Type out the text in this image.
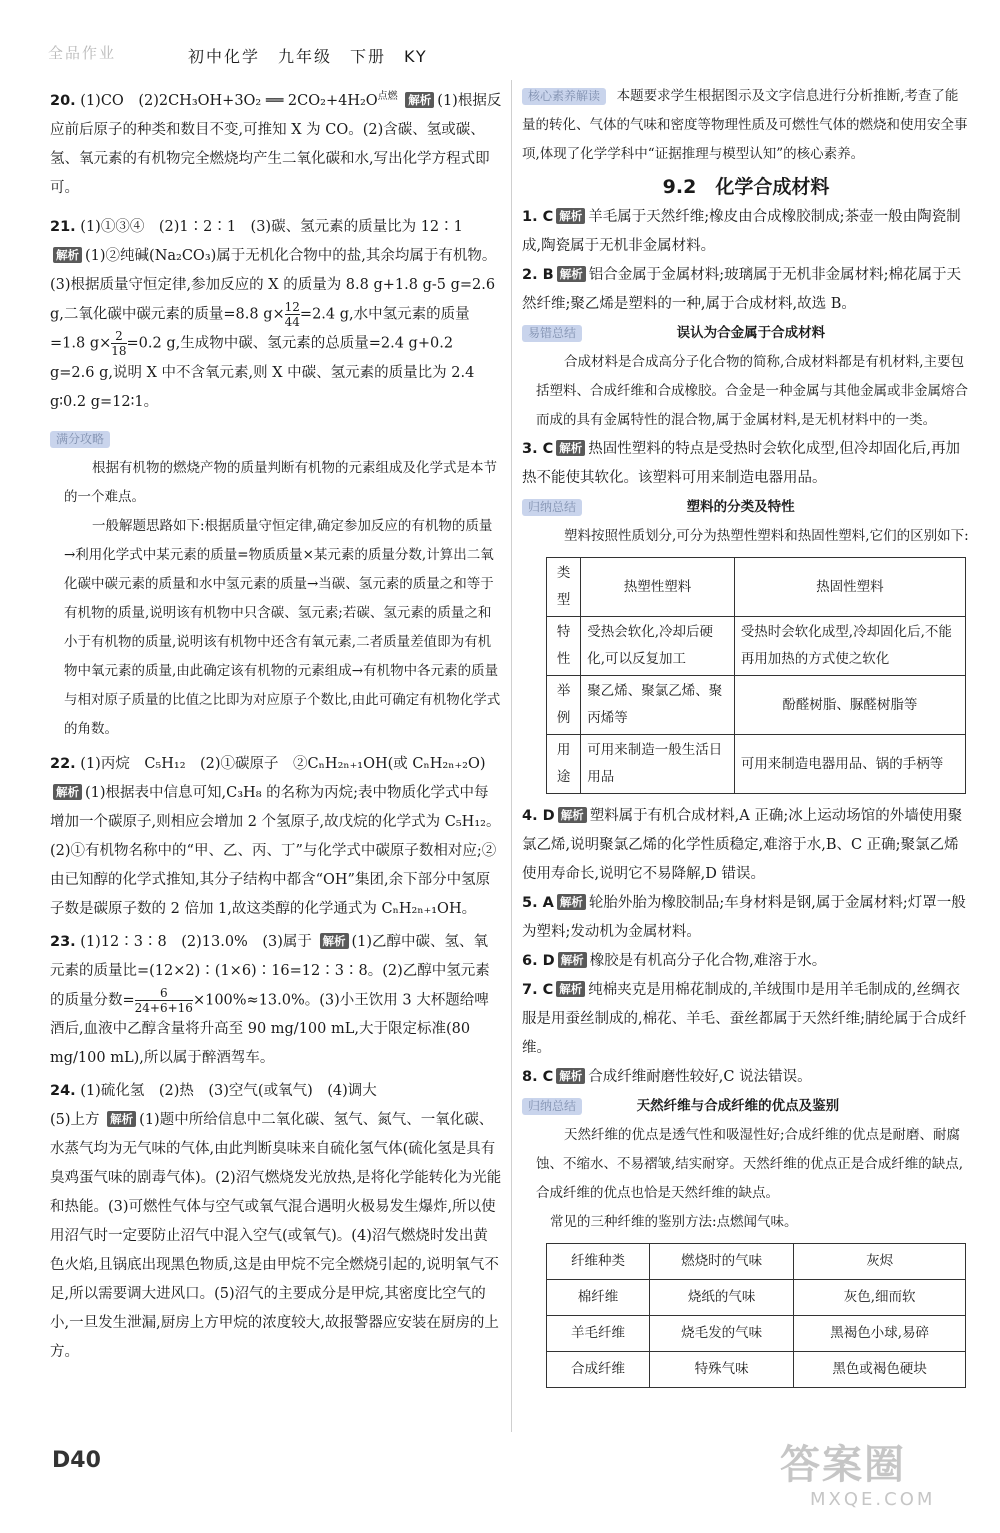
全品作业	初中化学　九年级　下册　KY

20. (1)CO　(2)2CH₃OH+3O₂ ══ $2CO_2+4H_2O^{点燃}$ 解析 (1)根据反应前后原子的种类和数目不变,可推知 X 为 CO。(2)含碳、氢或碳、氢、氧元素的有机物完全燃烧均产生二氧化碳和水,写出化学方程式即可。

21. (1)①③④　(2)1∶2∶1　(3)碳、氢元素的质量比为 12∶1

解析 (1)②纯碱(Na₂CO₃)属于无机化合物中的盐,其余均属于有机物。(3)根据质量守恒定律,参加反应的 X 的质量为 8.8 g+1.8 g-5 g=2.6 g,二氧化碳中碳元素的质量=8.8 $g\times \frac{12}{44} =2.4$ g,水中氢元素的质量=1.8 $g\times \frac{2}{18} =0.2$ g,生成物中碳、氢元素的总质量=2.4 g+0.2 g=2.6 g,说明 X 中不含氧元素,则 X 中碳、氢元素的质量比为 2.4 g∶0.2 g=12∶1。

满分攻略

根据有机物的燃烧产物的质量判断有机物的元素组成及化学式是本节的一个难点。

一般解题思路如下:根据质量守恒定律,确定参加反应的有机物的质量→利用化学式中某元素的质量=物质质量×某元素的质量分数,计算出二氧化碳中碳元素的质量和水中氢元素的质量→当碳、氢元素的质量之和等于有机物的质量,说明该有机物中只含碳、氢元素;若碳、氢元素的质量之和小于有机物的质量,说明该有机物中还含有氧元素,二者质量差值即为有机物中氧元素的质量,由此确定该有机物的元素组成→有机物中各元素的质量与相对原子质量的比值之比即为对应原子个数比,由此可确定有机物化学式的角数。

22. (1)丙烷　C₅H₁₂　(2)①碳原子　②CₙH₂ₙ₊₁OH(或 CₙH₂ₙ₊₂O)

解析 (1)根据表中信息可知,C₃H₈ 的名称为丙烷;表中物质化学式中每增加一个碳原子,则相应会增加 2 个氢原子,故戊烷的化学式为 C₅H₁₂。(2)①有机物名称中的“甲、乙、丙、丁”与化学式中碳原子数相对应;②由已知醇的化学式推知,其分子结构中都含“OH”集团,余下部分中氢原子数是碳原子数的 2 倍加 1,故这类醇的化学通式为 CₙH₂ₙ₊₁OH。

23. (1)12∶3∶8　(2)13.0%　(3)属于 解析 (1)乙醇中碳、氢、氧元素的质量比=(12×2)∶(1×6)∶16=12∶3∶8。(2)乙醇中氢元素的质量分数= $\frac{6}{24+6+16} \times 100\%\approx 13.0\%$。(3)小王饮用 3 大杯题给啤酒后,血液中乙醇含量将升高至 90 mg/100 mL,大于限定标准(80 mg/100 mL),所以属于醉酒驾车。

24. (1)硫化氢　(2)热　(3)空气(或氧气)　(4)调大

(5)上方 解析 (1)题中所给信息中二氧化碳、氢气、氮气、一氧化碳、水蒸气均为无气味的气体,由此判断臭味来自硫化氢气体(硫化氢是具有臭鸡蛋气味的剧毒气体)。(2)沼气燃烧发光放热,是将化学能转化为光能和热能。(3)可燃性气体与空气或氧气混合遇明火极易发生爆炸,所以使用沼气时一定要防止沼气中混入空气(或氧气)。(4)沼气燃烧时发出黄色火焰,且锅底出现黑色物质,这是由甲烷不完全燃烧引起的,说明氧气不足,所以需要调大进风口。(5)沼气的主要成分是甲烷,其密度比空气的小,一旦发生泄漏,厨房上方甲烷的浓度较大,故报警器应安装在厨房的上方。

核心素养解读 本题要求学生根据图示及文字信息进行分析推断,考查了能量的转化、气体的气味和密度等物理性质及可燃性气体的燃烧和使用安全事项,体现了化学学科中“证据推理与模型认知”的核心素养。
9.2　化学合成材料

1. C 解析 羊毛属于天然纤维;橡皮由合成橡胶制成;茶壶一般由陶瓷制成,陶瓷属于无机非金属材料。

2. B 解析 铝合金属于金属材料;玻璃属于无机非金属材料;棉花属于天然纤维;聚乙烯是塑料的一种,属于合成材料,故选 B。

易错总结	误认为合金属于合成材料

合成材料是合成高分子化合物的简称,合成材料都是有机材料,主要包括塑料、合成纤维和合成橡胶。合金是一种金属与其他金属或非金属熔合而成的具有金属特性的混合物,属于金属材料,是无机材料中的一类。

3. C 解析 热固性塑料的特点是受热时会软化成型,但冷却固化后,再加热不能使其软化。该塑料可用来制造电器用品。

归纳总结	塑料的分类及特性

塑料按照性质划分,可分为热塑性塑料和热固性塑料,它们的区别如下:

类型	热塑性塑料	热固性塑料
特性	受热会软化,冷却后硬化,可以反复加工	受热时会软化成型,冷却固化后,不能再用加热的方式使之软化
举例	聚乙烯、聚氯乙烯、聚丙烯等	酚醛树脂、脲醛树脂等
用途	可用来制造一般生活日用品	可用来制造电器用品、锅的手柄等

4. D 解析 塑料属于有机合成材料,A 正确;冰上运动场馆的外墙使用聚氯乙烯,说明聚氯乙烯的化学性质稳定,难溶于水,B、C 正确;聚氯乙烯使用寿命长,说明它不易降解,D 错误。

5. A 解析 轮胎外胎为橡胶制品;车身材料是钢,属于金属材料;灯罩一般为塑料;发动机为金属材料。

6. D 解析 橡胶是有机高分子化合物,难溶于水。

7. C 解析 纯棉夹克是用棉花制成的,羊绒围巾是用羊毛制成的,丝绸衣服是用蚕丝制成的,棉花、羊毛、蚕丝都属于天然纤维;腈纶属于合成纤维。

8. C 解析 合成纤维耐磨性较好,C 说法错误。

归纳总结	天然纤维与合成纤维的优点及鉴别

天然纤维的优点是透气性和吸湿性好;合成纤维的优点是耐磨、耐腐蚀、不缩水、不易褶皱,结实耐穿。天然纤维的优点正是合成纤维的缺点,合成纤维的优点也恰是天然纤维的缺点。

常见的三种纤维的鉴别方法:点燃闻气味。

纤维种类	燃烧时的气味	灰烬
棉纤维	烧纸的气味	灰色,细而软
羊毛纤维	烧毛发的气味	黑褐色小球,易碎
合成纤维	特殊气味	黑色或褐色硬块
D40	答案圈
MXQE.COM
